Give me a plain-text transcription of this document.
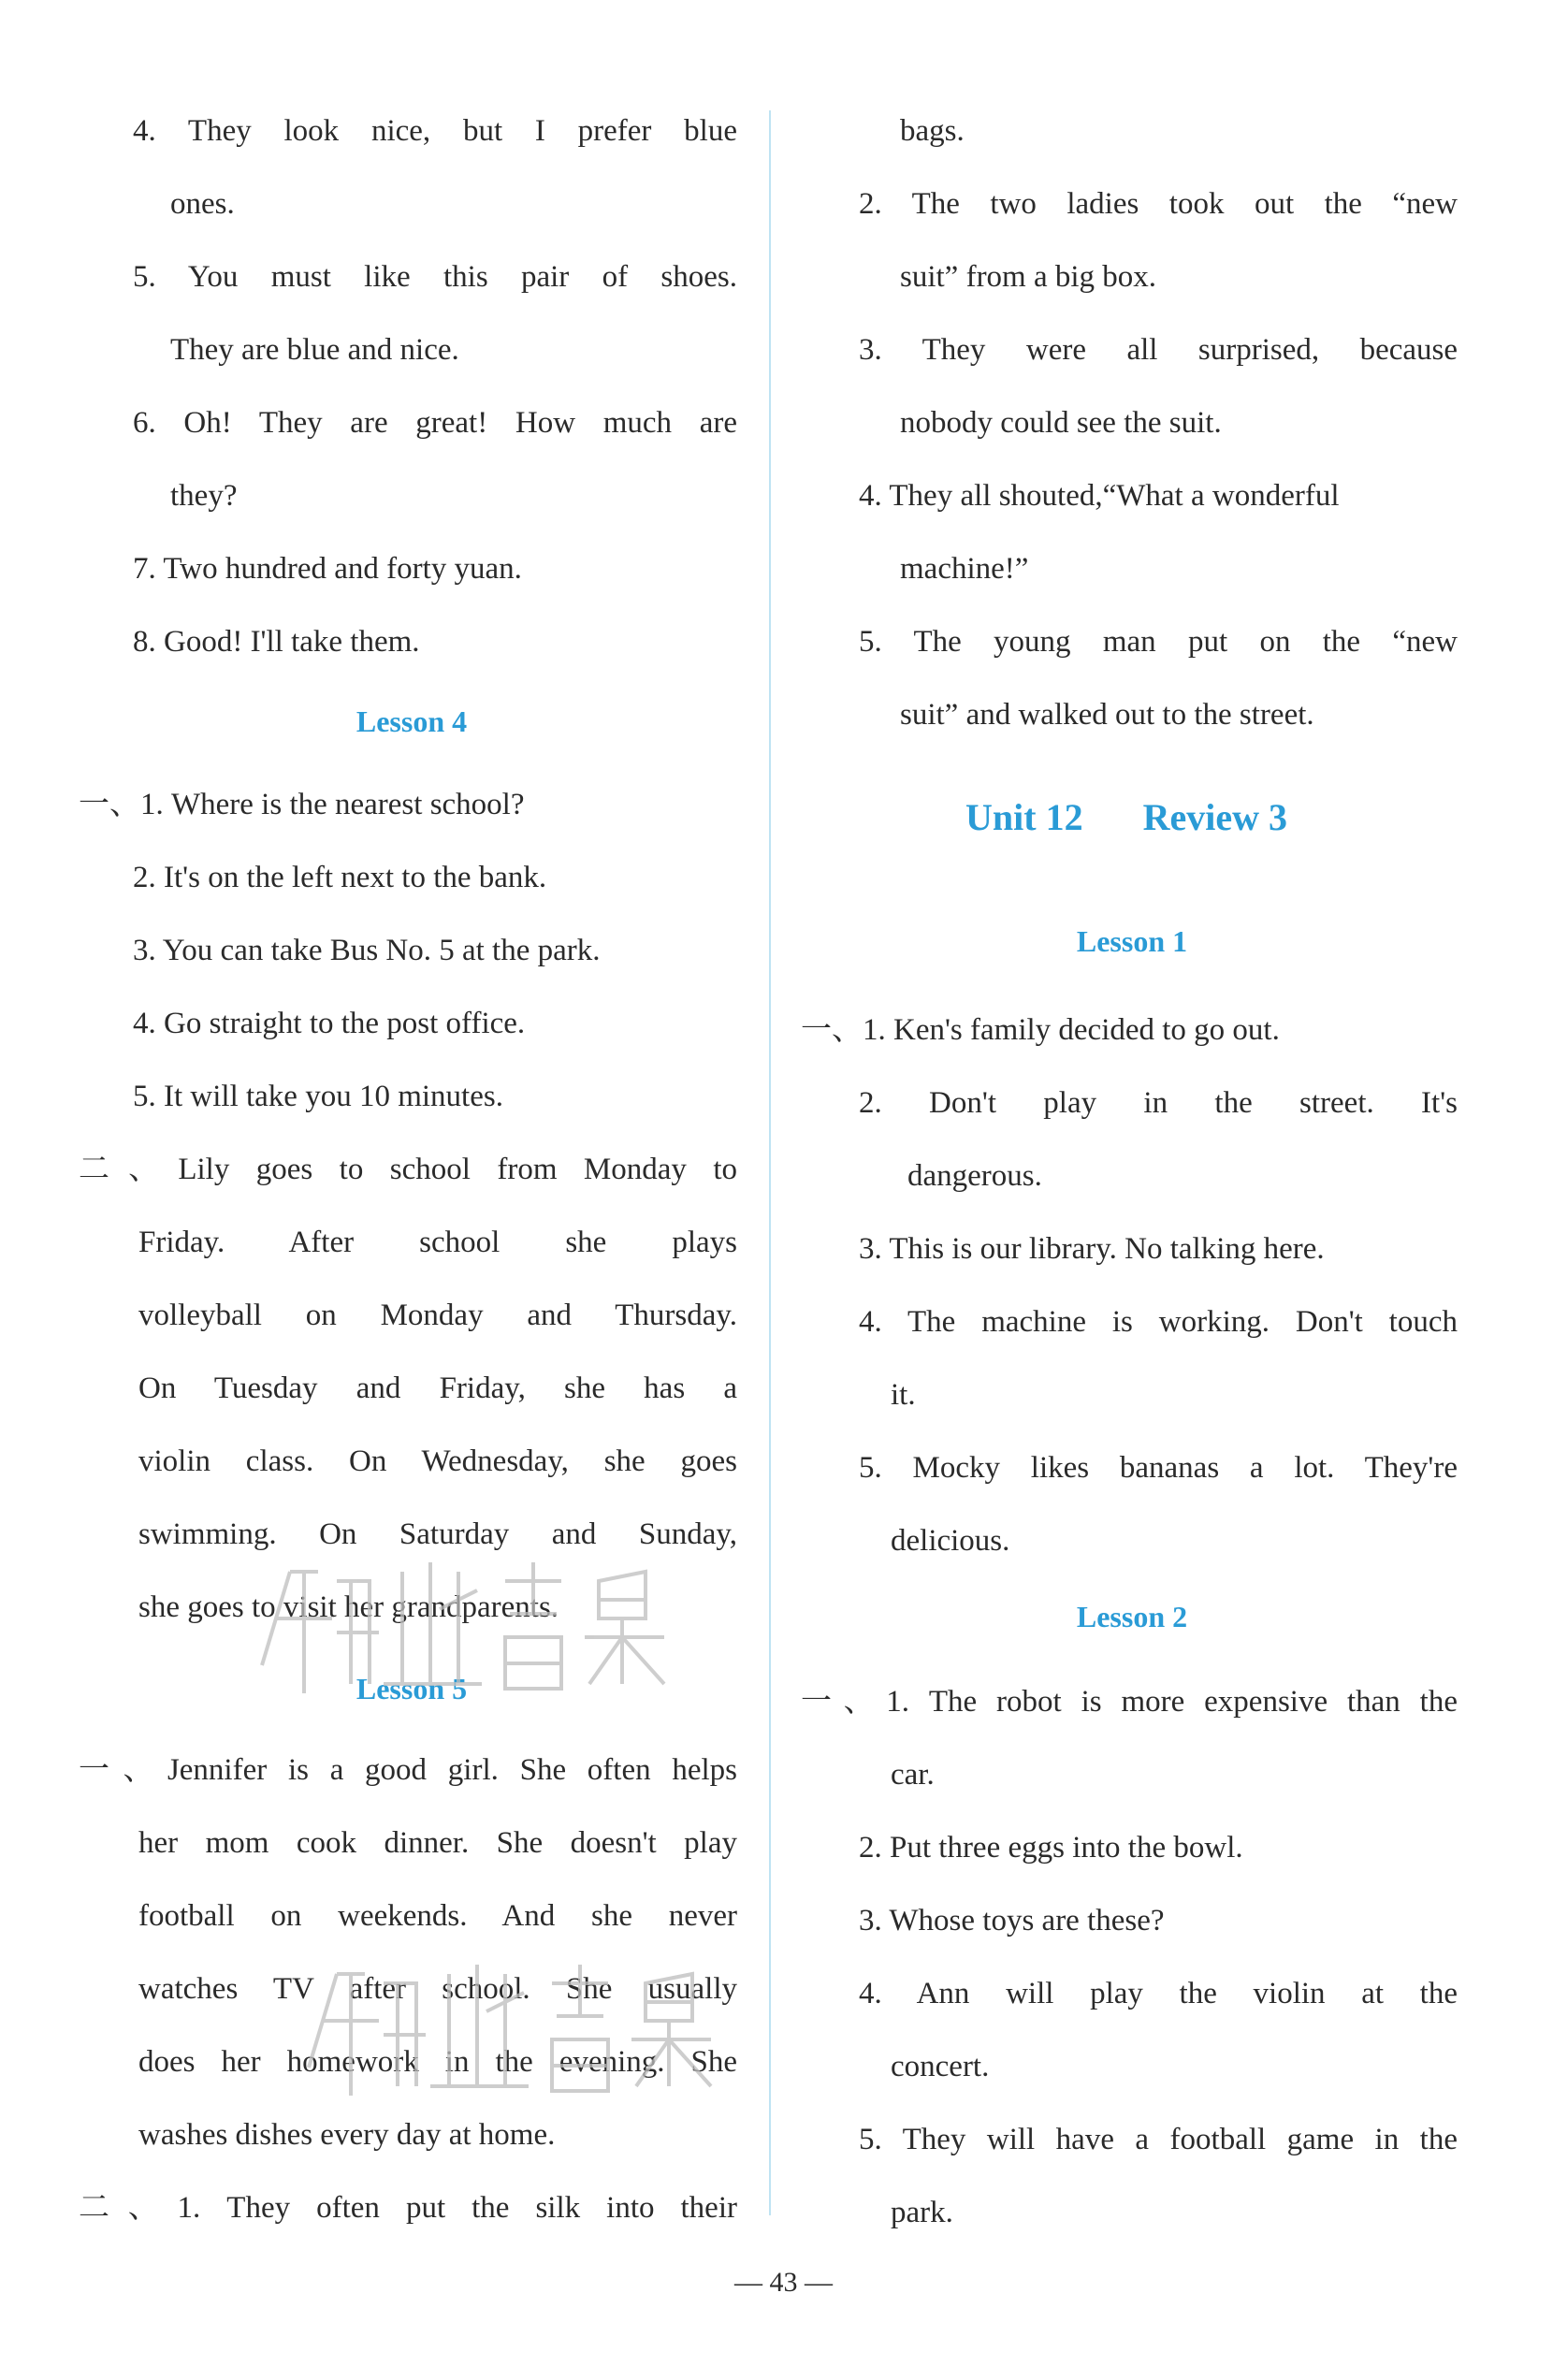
4. They look nice, but I prefer blue
ones.
5. You must like this pair of shoes.
They are blue and nice.
6. Oh! They are great! How much are
they?
7. Two hundred and forty yuan.
8. Good! I'll take them.
一、1. Where is the nearest school?
2. It's on the left next to the bank.
3. You can take Bus No. 5 at the park.
4. Go straight to the post office.
5. It will take you 10 minutes.
二、Lily goes to school from Monday to
Friday. After school she plays
volleyball on Monday and Thursday.
On Tuesday and Friday, she has a
violin class. On Wednesday, she goes
swimming. On Saturday and Sunday,
she goes to visit her grandparents.
一、Jennifer is a good girl. She often helps
her mom cook dinner. She doesn't play
football on weekends. And she never
watches TV after school. She usually
does her homework in the evening. She
washes dishes every day at home.
二、1. They often put the silk into their
Lesson 4
Lesson 5
bags.
2. The two ladies took out the “new
suit” from a big box.
3. They were all surprised, because
nobody could see the suit.
4. They all shouted,“What a wonderful
machine!”
5. The young man put on the “new
suit” and walked out to the street.
一、1. Ken's family decided to go out.
2. Don't play in the street. It's
dangerous.
3. This is our library. No talking here.
4. The machine is working. Don't touch
it.
5. Mocky likes bananas a lot. They're
delicious.
一、1. The robot is more expensive than the
car.
2. Put three eggs into the bowl.
3. Whose toys are these?
4. Ann will play the violin at the
concert.
5. They will have a football game in the
park.
Lesson 1
Lesson 2
Unit 12 Review 3
— 43 —
